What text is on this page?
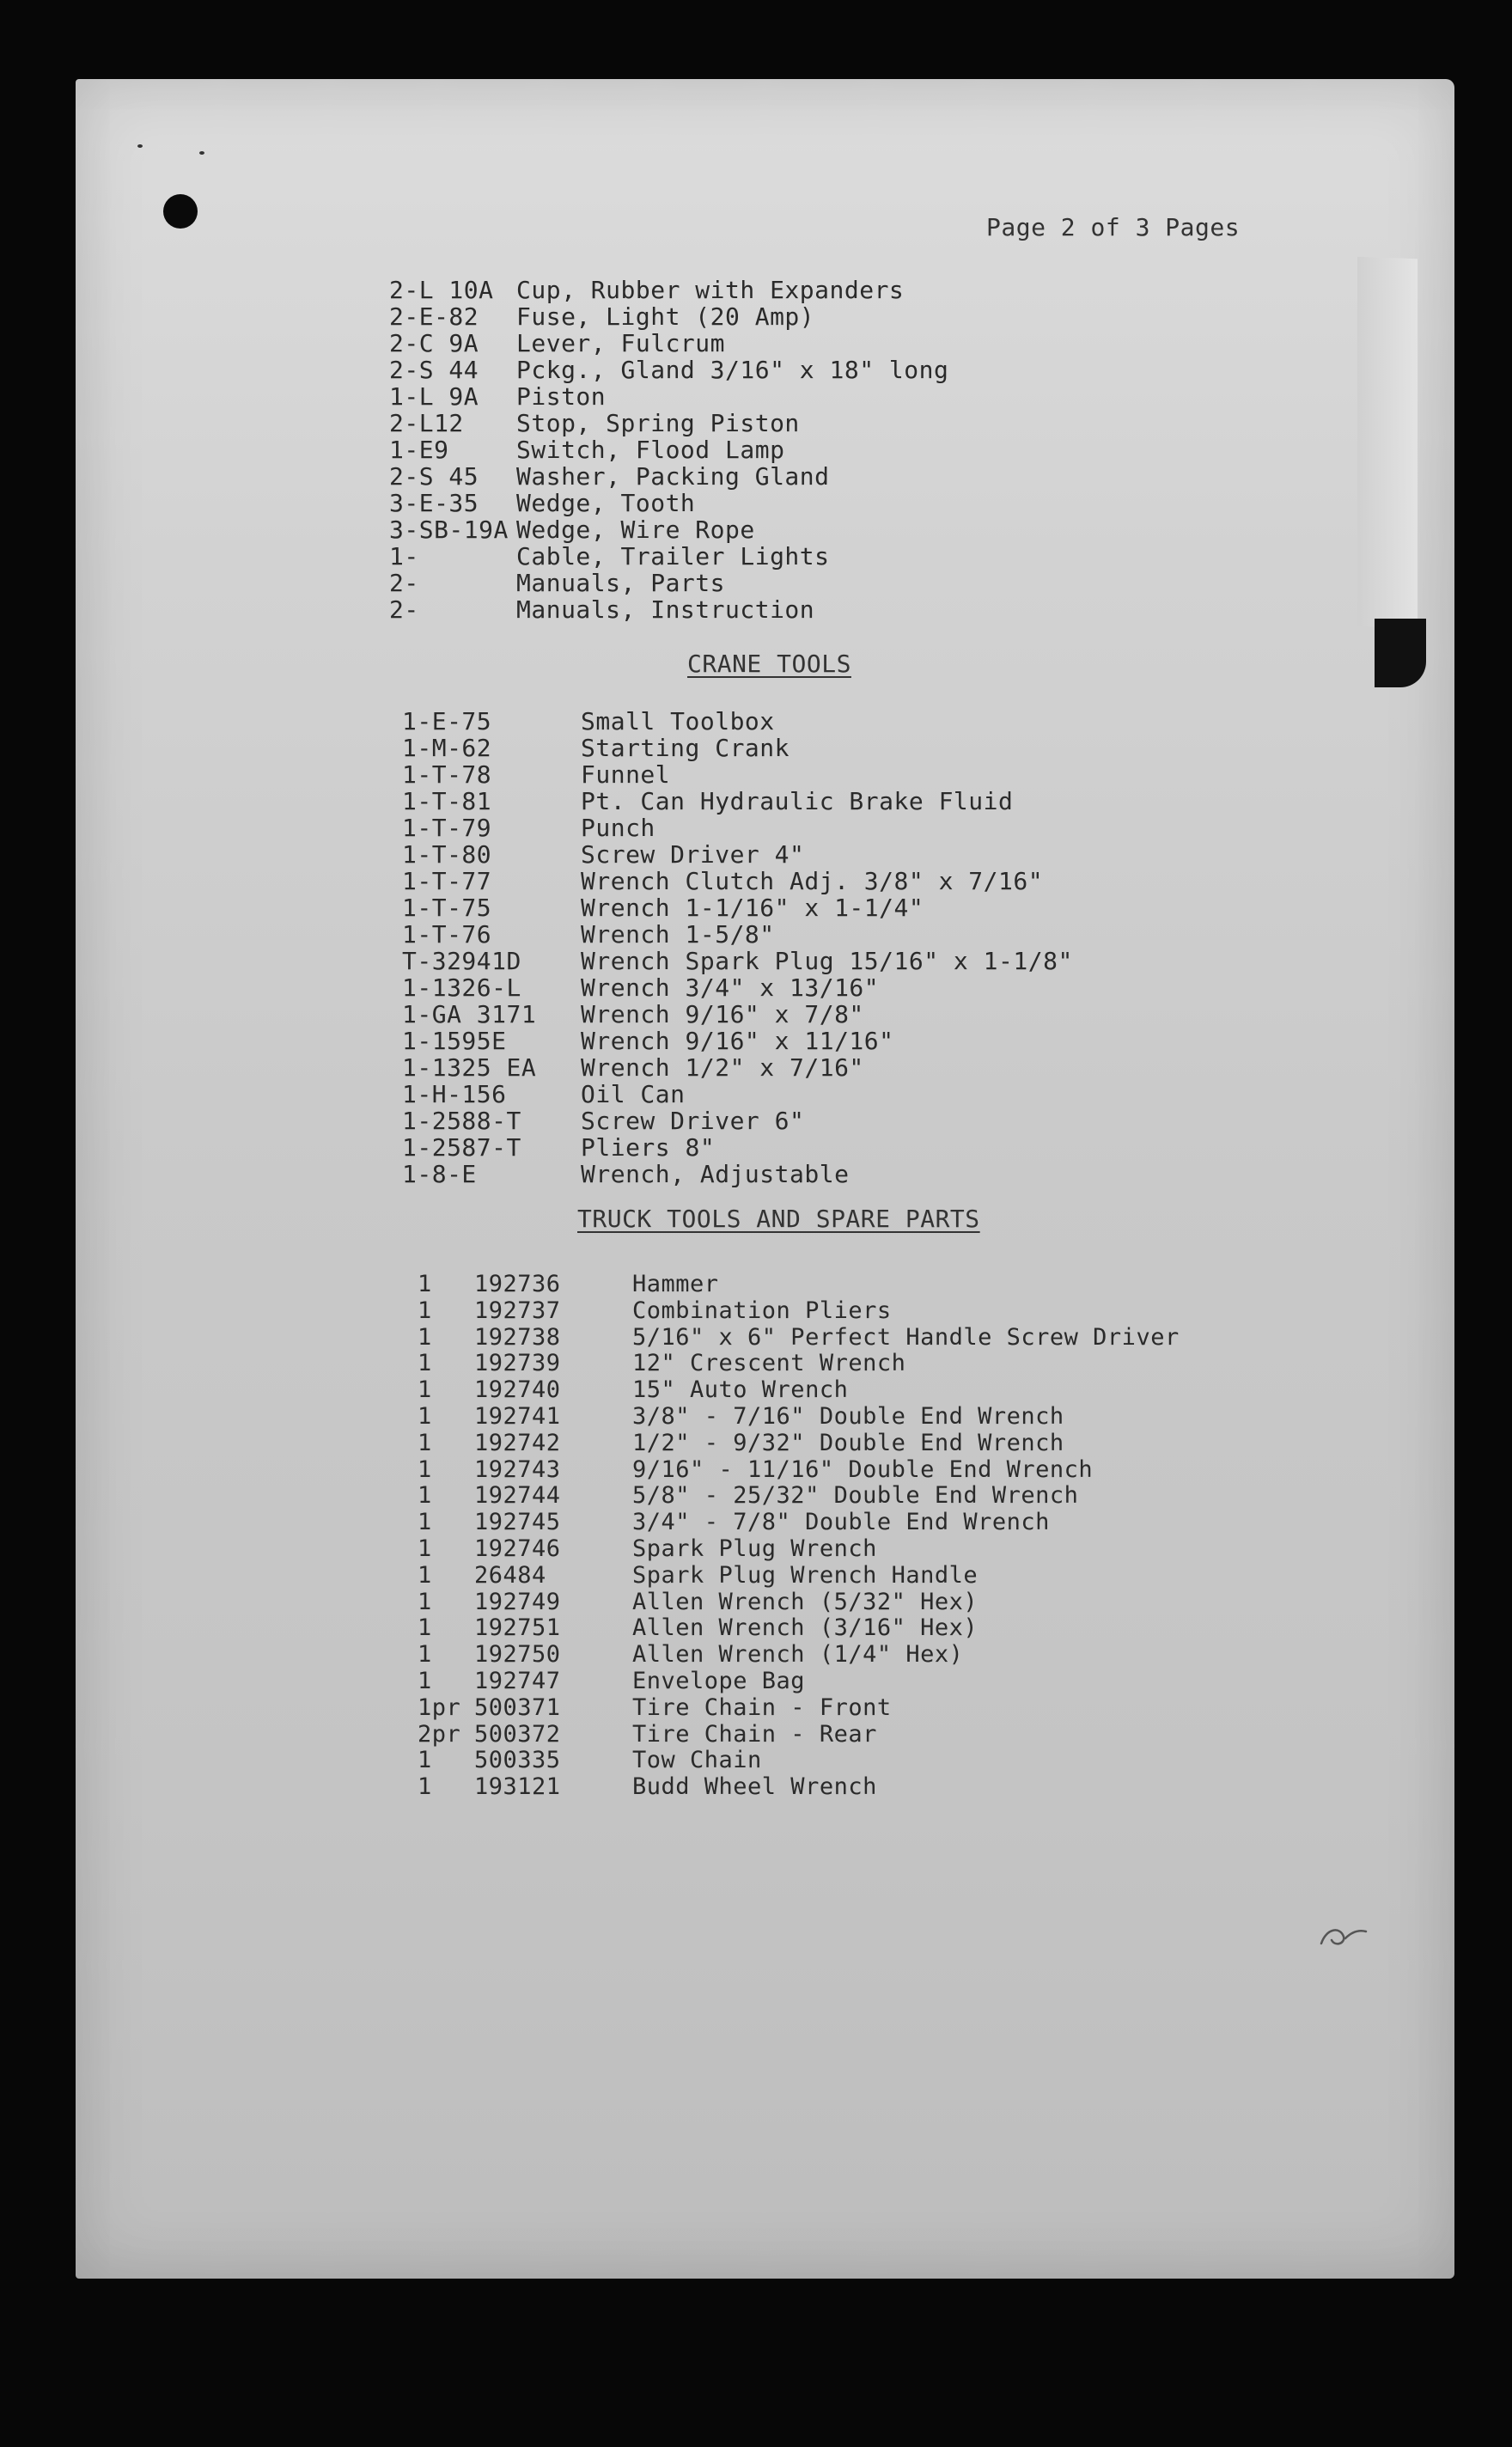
Page 2 of 3 Pages
2-L 10A Cup, Rubber with Expanders
2-E-82	Fuse, Light (20 Amp)
2-C 9A	Lever, Fulcrum
2-S 44	Pckg., Gland 3/16" x 18" long
1-L 9A	Piston
2-L12	Stop, Spring Piston
1-E9	Switch, Flood Lamp
2-S 45	Washer, Packing Gland
3-E-35	Wedge, Tooth
3-SB-19A Wedge, Wire Rope
1-	Cable, Trailer Lights
2-	Manuals, Parts
2-	Manuals, Instruction
CRANE TOOLS
1-E-75	Small Toolbox
1-M-62	Starting Crank
1-T-78	Funnel
1-T-81	Pt. Can Hydraulic Brake Fluid
1-T-79	Punch
1-T-80	Screw Driver 4"
1-T-77	Wrench Clutch Adj. 3/8" x 7/16"
1-T-75	Wrench 1-1/16" x 1-1/4"
1-T-76	Wrench 1-5/8"
T-32941D	Wrench Spark Plug 15/16" x 1-1/8"
1-1326-L	Wrench 3/4" x 13/16"
1-GA 3171	Wrench 9/16" x 7/8"
1-1595E	Wrench 9/16" x 11/16"
1-1325 EA	Wrench 1/2" x 7/16"
1-H-156	Oil Can
1-2588-T	Screw Driver 6"
1-2587-T	Pliers 8"
1-8-E	Wrench, Adjustable
TRUCK TOOLS AND SPARE PARTS
1	192736	Hammer
1	192737	Combination Pliers
1	192738	5/16" x 6" Perfect Handle Screw Driver
1	192739	12" Crescent Wrench
1	192740	15" Auto Wrench
1	192741	3/8" - 7/16" Double End Wrench
1	192742	1/2" - 9/32" Double End Wrench
1	192743	9/16" - 11/16" Double End Wrench
1	192744	5/8" - 25/32" Double End Wrench
1	192745	3/4" - 7/8" Double End Wrench
1	192746	Spark Plug Wrench
1	26484	Spark Plug Wrench Handle
1	192749	Allen Wrench (5/32" Hex)
1	192751	Allen Wrench (3/16" Hex)
1	192750	Allen Wrench (1/4" Hex)
1	192747	Envelope Bag
1pr 500371	Tire Chain - Front
2pr 500372	Tire Chain - Rear
1	500335	Tow Chain
1	193121	Budd Wheel Wrench
